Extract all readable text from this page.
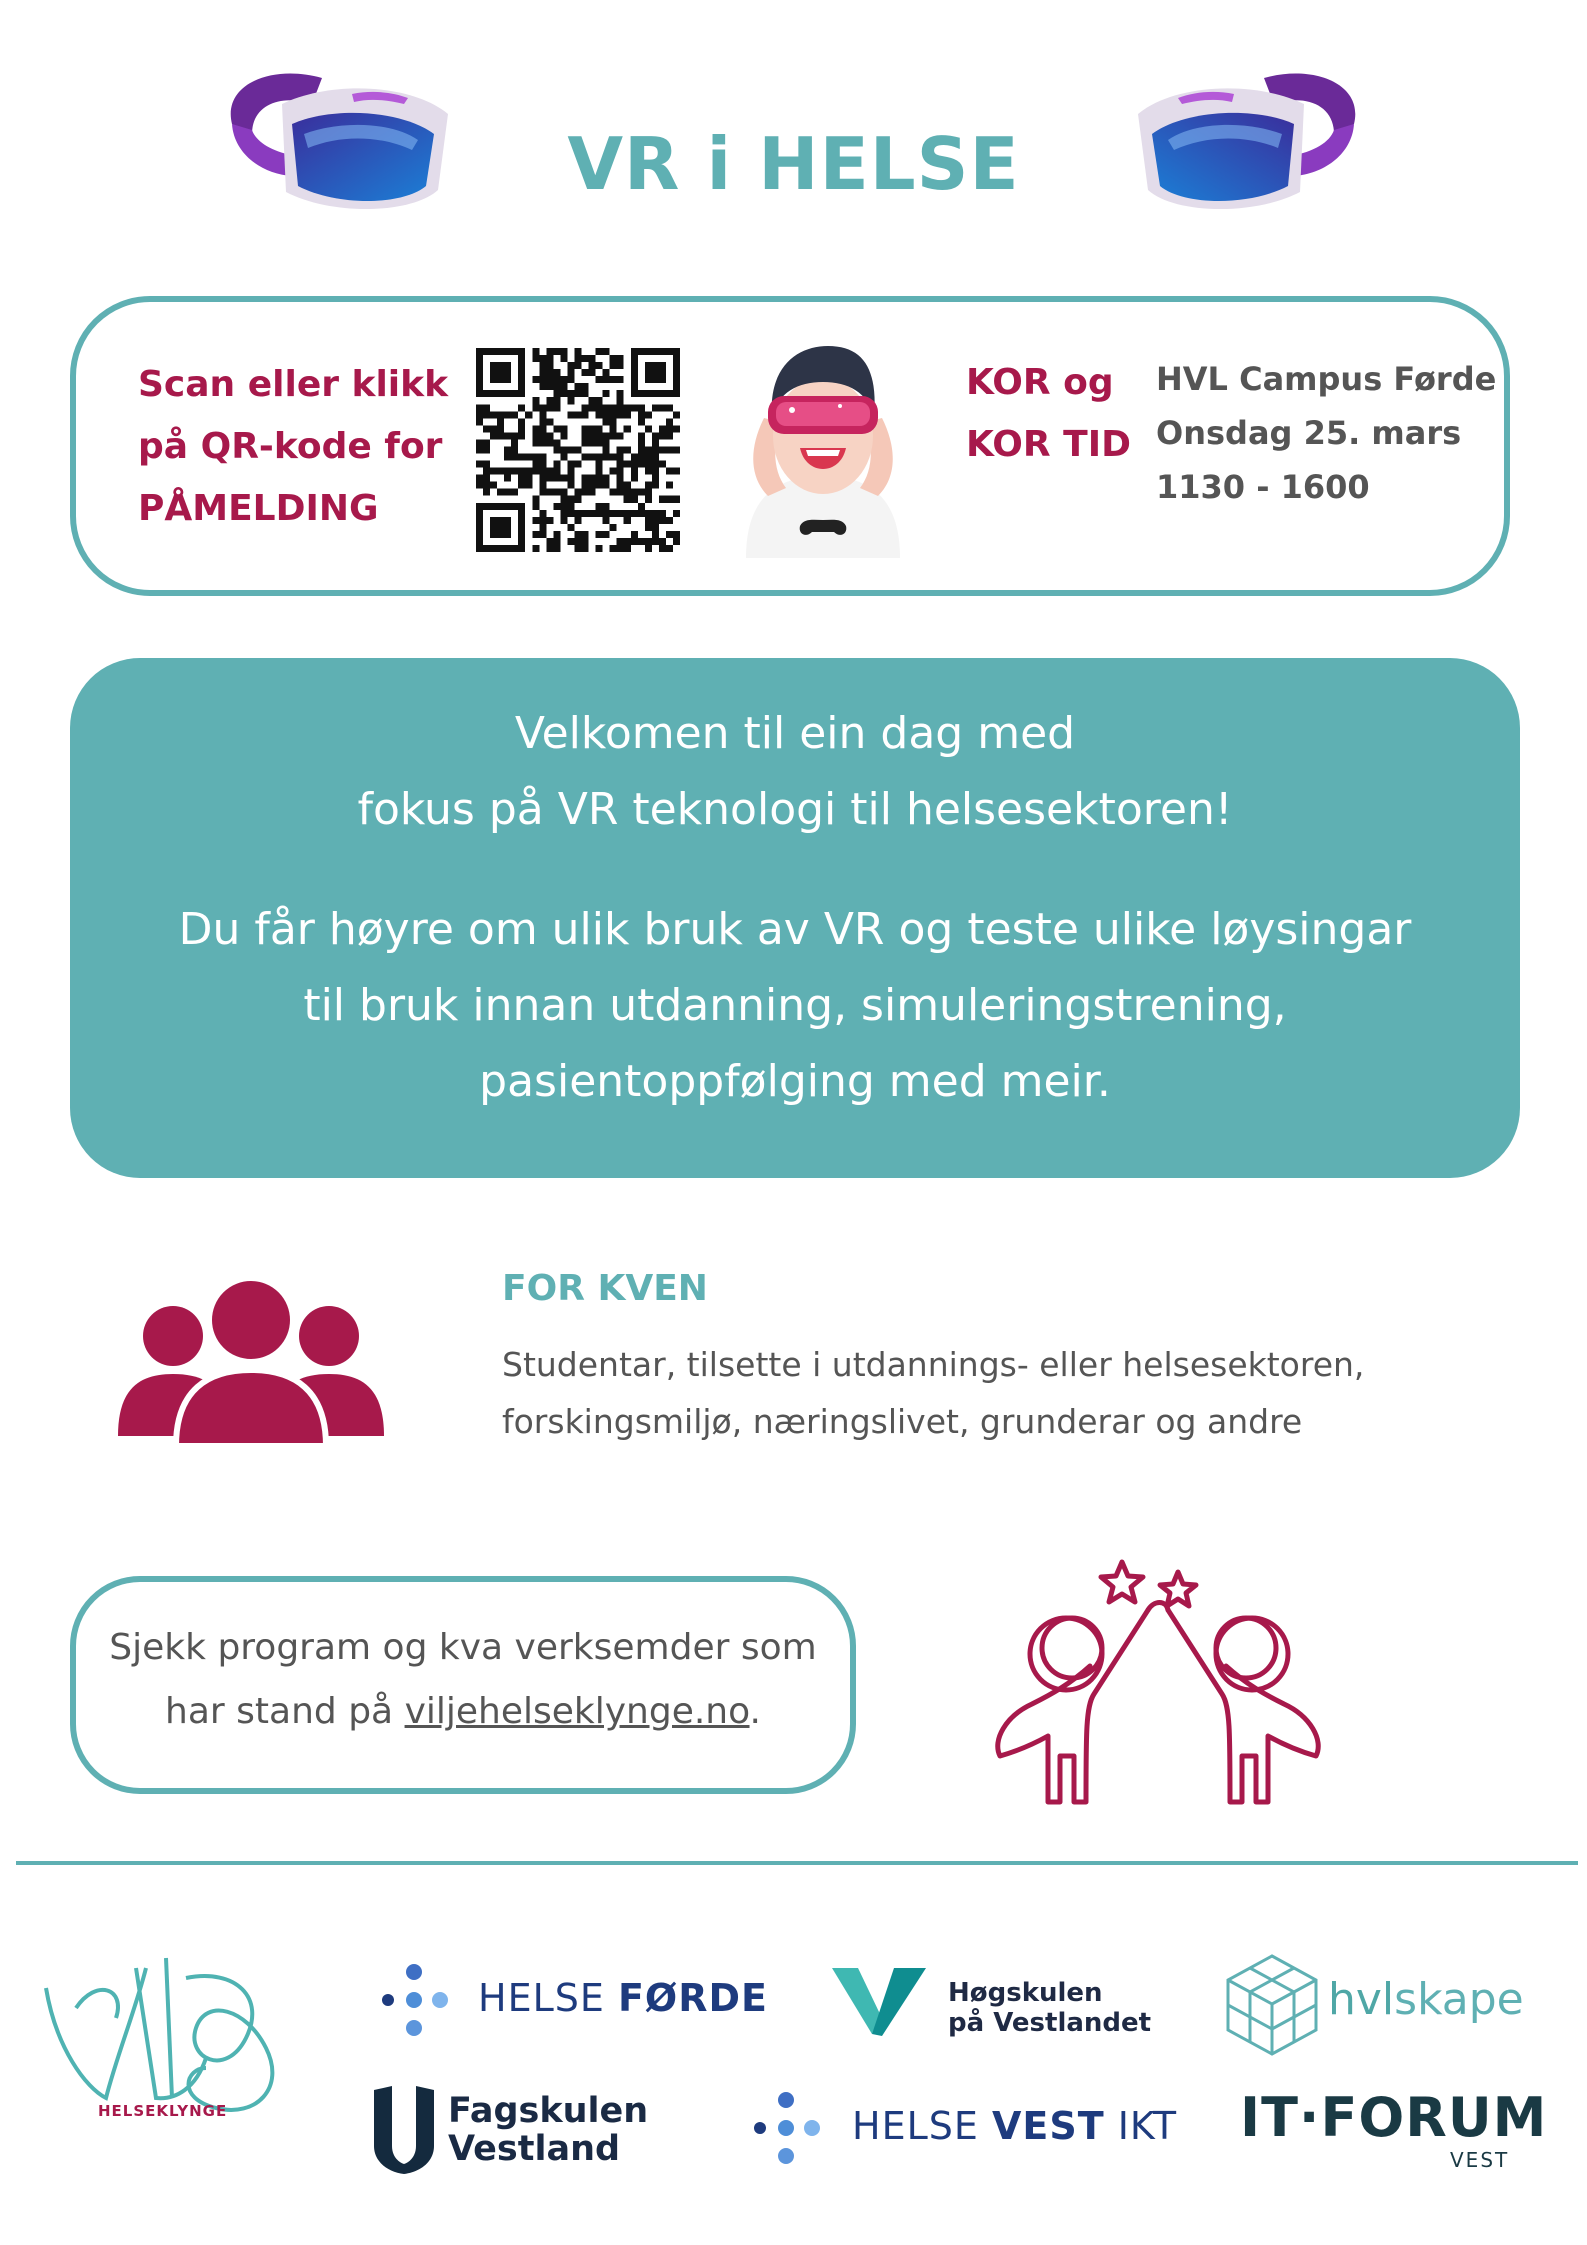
VR i HELSE
Scan eller klikk
på QR-kode for
PÅMELDING
KOR og
KOR TID
HVL Campus Førde
Onsdag 25. mars
1130 - 1600
Velkomen til ein dag med
fokus på VR teknologi til helsesektoren!
Du får høyre om ulik bruk av VR og teste ulike løysingar
til bruk innan utdanning, simuleringstrening,
pasientoppfølging med meir.
FOR KVEN
Studentar, tilsette i utdannings- eller helsesektoren,
forskingsmiljø, næringslivet, grunderar og andre
Sjekk program og kva verksemder som
har stand på viljehelseklynge.no.
HELSEKLYNGE
HELSE FØRDE	Høgskulen
på Vestlandet	hvlskape
Fagskulen
Vestland
HELSE VEST IKT IT·FORUM
VEST
